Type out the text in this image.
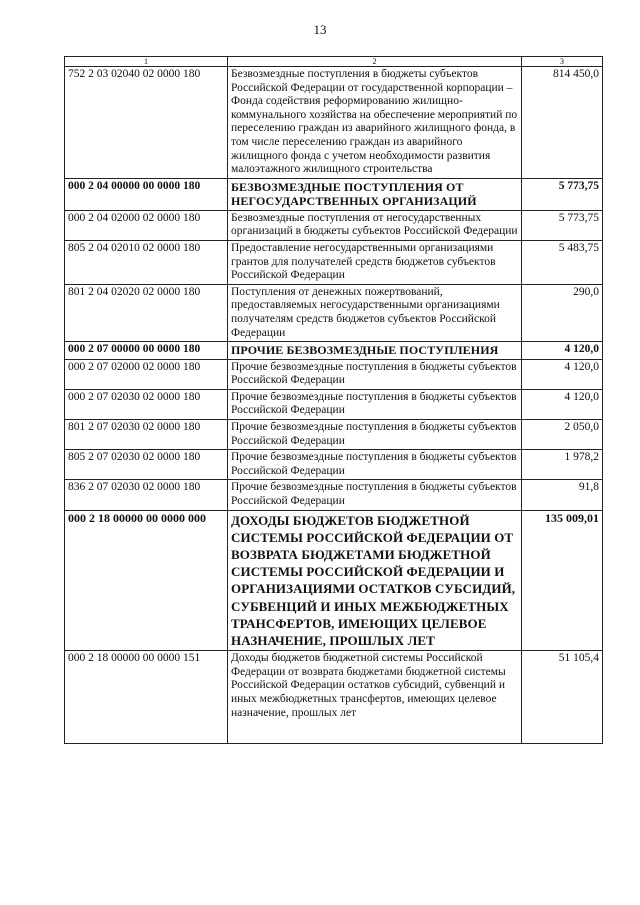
13
1	2	3
752 2 03 02040 02 0000 180	Безвозмездные поступления в бюджеты субъектов Российской Федерации от государственной корпорации – Фонда содействия реформированию жилищно-коммунального хозяйства на обеспечение мероприятий по переселению граждан из аварийного жилищного фонда, в том числе переселению граждан из аварийного жилищного фонда с учетом необходимости развития малоэтажного жилищного строительства	814 450,0
000 2 04 00000 00 0000 180	БЕЗВОЗМЕЗДНЫЕ ПОСТУПЛЕНИЯ ОТ НЕГОСУДАРСТВЕННЫХ ОРГАНИЗАЦИЙ	5 773,75
000 2 04 02000 02 0000 180	Безвозмездные поступления от негосударственных организаций в бюджеты субъектов Российской Федерации	5 773,75
805 2 04 02010 02 0000 180	Предоставление негосударственными организациями грантов для получателей средств бюджетов субъектов Российской Федерации	5 483,75
801 2 04 02020 02 0000 180	Поступления от денежных пожертвований, предоставляемых негосударственными организациями получателям средств бюджетов субъектов Российской Федерации	290,0
000 2 07 00000 00 0000 180	ПРОЧИЕ БЕЗВОЗМЕЗДНЫЕ ПОСТУПЛЕНИЯ	4 120,0
000 2 07 02000 02 0000 180	Прочие безвозмездные поступления в бюджеты субъектов Российской Федерации	4 120,0
000 2 07 02030 02 0000 180	Прочие безвозмездные поступления в бюджеты субъектов Российской Федерации	4 120,0
801 2 07 02030 02 0000 180	Прочие безвозмездные поступления в бюджеты субъектов Российской Федерации	2 050,0
805 2 07 02030 02 0000 180	Прочие безвозмездные поступления в бюджеты субъектов Российской Федерации	1 978,2
836 2 07 02030 02 0000 180	Прочие безвозмездные поступления в бюджеты субъектов Российской Федерации	91,8
000 2 18 00000 00 0000 000	ДОХОДЫ БЮДЖЕТОВ БЮДЖЕТНОЙ СИСТЕМЫ РОССИЙСКОЙ ФЕДЕРАЦИИ ОТ ВОЗВРАТА БЮДЖЕТАМИ БЮДЖЕТНОЙ СИСТЕМЫ РОССИЙСКОЙ ФЕДЕРАЦИИ И ОРГАНИЗАЦИЯМИ ОСТАТКОВ СУБСИДИЙ, СУБВЕНЦИЙ И ИНЫХ МЕЖБЮДЖЕТНЫХ ТРАНСФЕРТОВ, ИМЕЮЩИХ ЦЕЛЕВОЕ НАЗНАЧЕНИЕ, ПРОШЛЫХ ЛЕТ	135 009,01
000 2 18 00000 00 0000 151	Доходы бюджетов бюджетной системы Российской Федерации от возврата бюджетами бюджетной системы Российской Федерации остатков субсидий, субвенций и иных межбюджетных трансфертов, имеющих целевое назначение, прошлых лет	51 105,4
